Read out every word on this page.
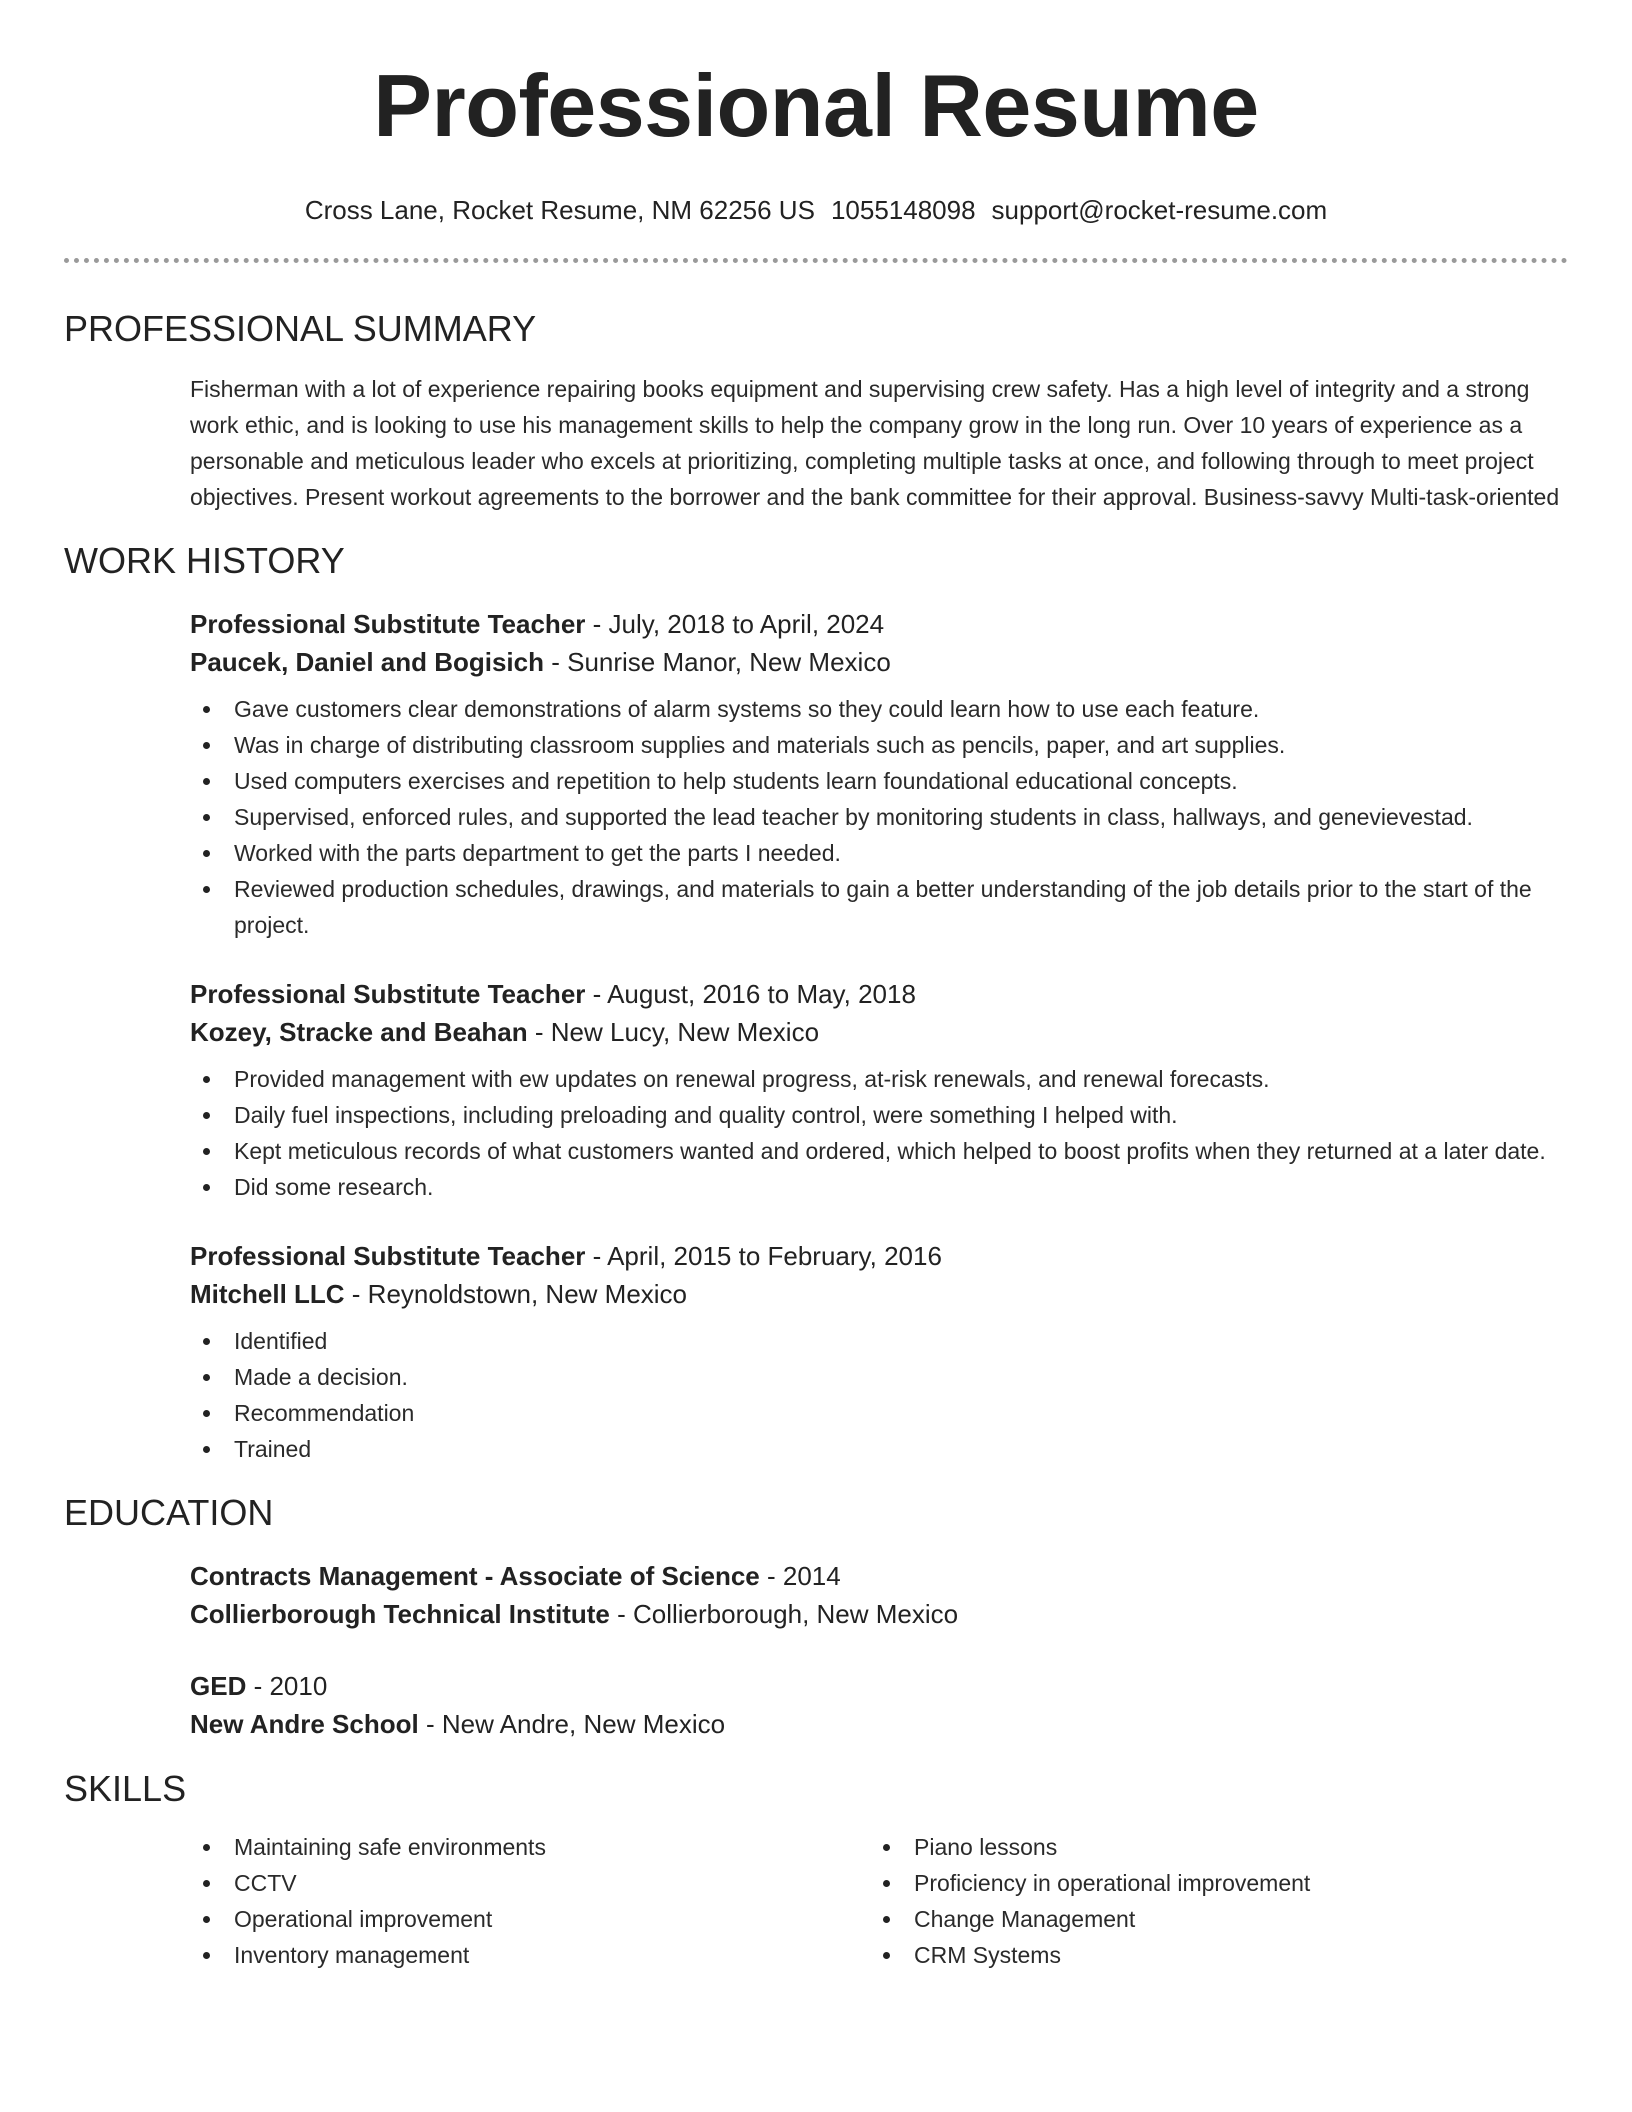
Professional Resume
Cross Lane, Rocket Resume, NM 62256 US 1055148098 support@rocket-resume.com
PROFESSIONAL SUMMARY

Fisherman with a lot of experience repairing books equipment and supervising crew safety. Has a high level of integrity and a strong work ethic, and is looking to use his management skills to help the company grow in the long run. Over 10 years of experience as a personable and meticulous leader who excels at prioritizing, completing multiple tasks at once, and following through to meet project objectives. Present workout agreements to the borrower and the bank committee for their approval. Business-savvy Multi-task-oriented

WORK HISTORY

Professional Substitute Teacher - July, 2018 to April, 2024

Paucek, Daniel and Bogisich - Sunrise Manor, New Mexico

Gave customers clear demonstrations of alarm systems so they could learn how to use each feature.
Was in charge of distributing classroom supplies and materials such as pencils, paper, and art supplies.
Used computers exercises and repetition to help students learn foundational educational concepts.
Supervised, enforced rules, and supported the lead teacher by monitoring students in class, hallways, and genevievestad.
Worked with the parts department to get the parts I needed.
Reviewed production schedules, drawings, and materials to gain a better understanding of the job details prior to the start of the project.

Professional Substitute Teacher - August, 2016 to May, 2018

Kozey, Stracke and Beahan - New Lucy, New Mexico

Provided management with ew updates on renewal progress, at-risk renewals, and renewal forecasts.
Daily fuel inspections, including preloading and quality control, were something I helped with.
Kept meticulous records of what customers wanted and ordered, which helped to boost profits when they returned at a later date.
Did some research.

Professional Substitute Teacher - April, 2015 to February, 2016

Mitchell LLC - Reynoldstown, New Mexico

Identified
Made a decision.
Recommendation
Trained
EDUCATION

Contracts Management - Associate of Science - 2014

Collierborough Technical Institute - Collierborough, New Mexico

GED - 2010

New Andre School - New Andre, New Mexico

SKILLS
Maintaining safe environments
CCTV
Operational improvement
Inventory management
Piano lessons
Proficiency in operational improvement
Change Management
CRM Systems
